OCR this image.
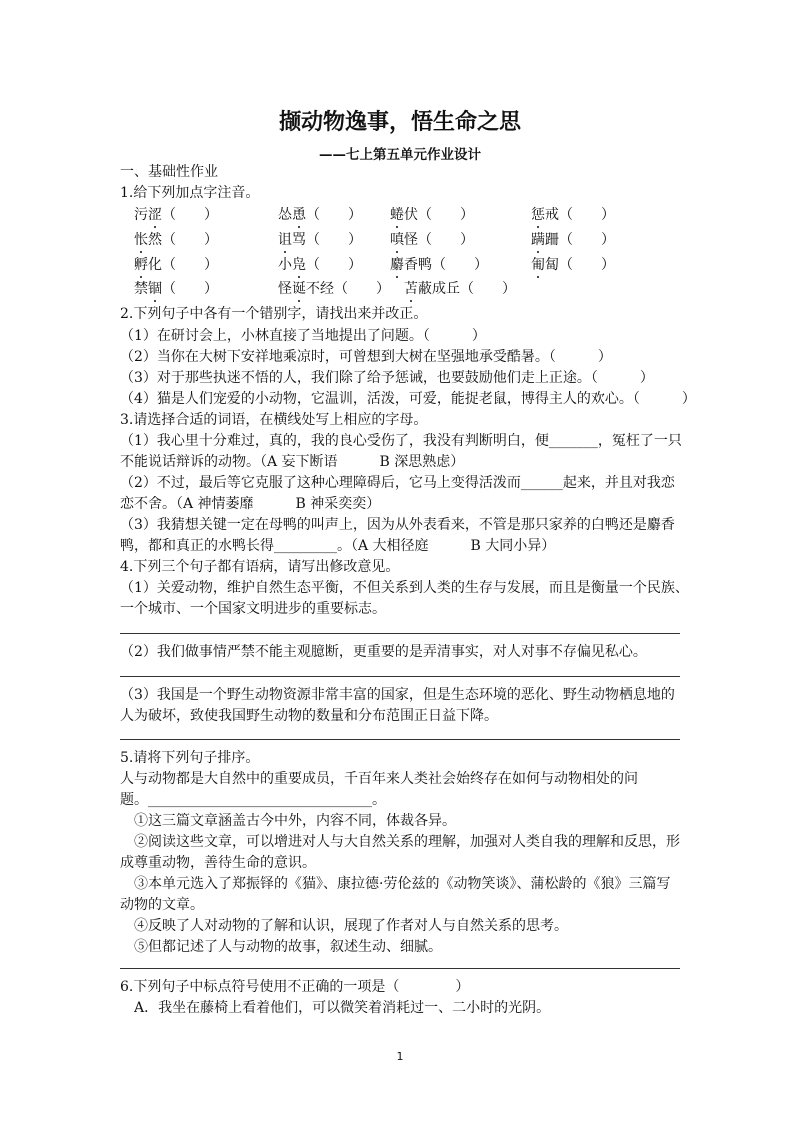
撷动物逸事，悟生命之思
——七上第五单元作业设计
一、基础性作业
1.给下列加点字注音。
污涩（　　）	怂恿（　　） 蜷伏（　　）	惩戒（　　）
怅然（　　）	诅骂（　　） 嗔怪（　　）	蹒跚（　　）
孵化（　　）	小凫（　　） 麝香鸭（　　）	匍匐（　　）
禁锢（　　）	怪诞不经（　　） 苫蔽成丘（　　）
2.下列句子中各有一个错别字，请找出来并改正。
（1）在研讨会上，小林直接了当地提出了问题。（　　　）
（2）当你在大树下安祥地乘凉时，可曾想到大树在坚强地承受酷暑。（　　　）
（3）对于那些执迷不悟的人，我们除了给予惩诫，也要鼓励他们走上正途。（　　　）
（4）猫是人们宠爱的小动物，它温训，活泼，可爱，能捉老鼠，博得主人的欢心。（　　　）
3.请选择合适的词语，在横线处写上相应的字母。
（1）我心里十分难过，真的，我的良心受伤了，我没有判断明白，便_______，冤枉了一只
不能说话辩诉的动物。（A 妄下断语　　　B 深思熟虑）
（2）不过，最后等它克服了这种心理障碍后，它马上变得活泼而______起来，并且对我恋
恋不舍。（A 神情萎靡　　　B 神采奕奕）
（3）我猜想关键一定在母鸭的叫声上，因为从外表看来，不管是那只家养的白鸭还是麝香
鸭，都和真正的水鸭长得_________。（A 大相径庭　　　B 大同小异）
4.下列三个句子都有语病，请写出修改意见。
（1）关爱动物，维护自然生态平衡，不但关系到人类的生存与发展，而且是衡量一个民族、
一个城市、一个国家文明进步的重要标志。
（2）我们做事情严禁不能主观臆断，更重要的是弄清事实，对人对事不存偏见私心。
（3）我国是一个野生动物资源非常丰富的国家，但是生态环境的恶化、野生动物栖息地的
人为破坏，致使我国野生动物的数量和分布范围正日益下降。
5.请将下列句子排序。
人与动物都是大自然中的重要成员，千百年来人类社会始终存在如何与动物相处的问
题。________________________________。
①这三篇文章涵盖古今中外，内容不同，体裁各异。
②阅读这些文章，可以增进对人与大自然关系的理解，加强对人类自我的理解和反思，形
成尊重动物，善待生命的意识。
③本单元选入了郑振铎的《猫》、康拉德·劳伦兹的《动物笑谈》、蒲松龄的《狼》三篇写
动物的文章。
④反映了人对动物的了解和认识，展现了作者对人与自然关系的思考。
⑤但都记述了人与动物的故事，叙述生动、细腻。
6.下列句子中标点符号使用不正确的一项是（　　　　）
A．我坐在藤椅上看着他们，可以微笑着消耗过一、二小时的光阴。
1
